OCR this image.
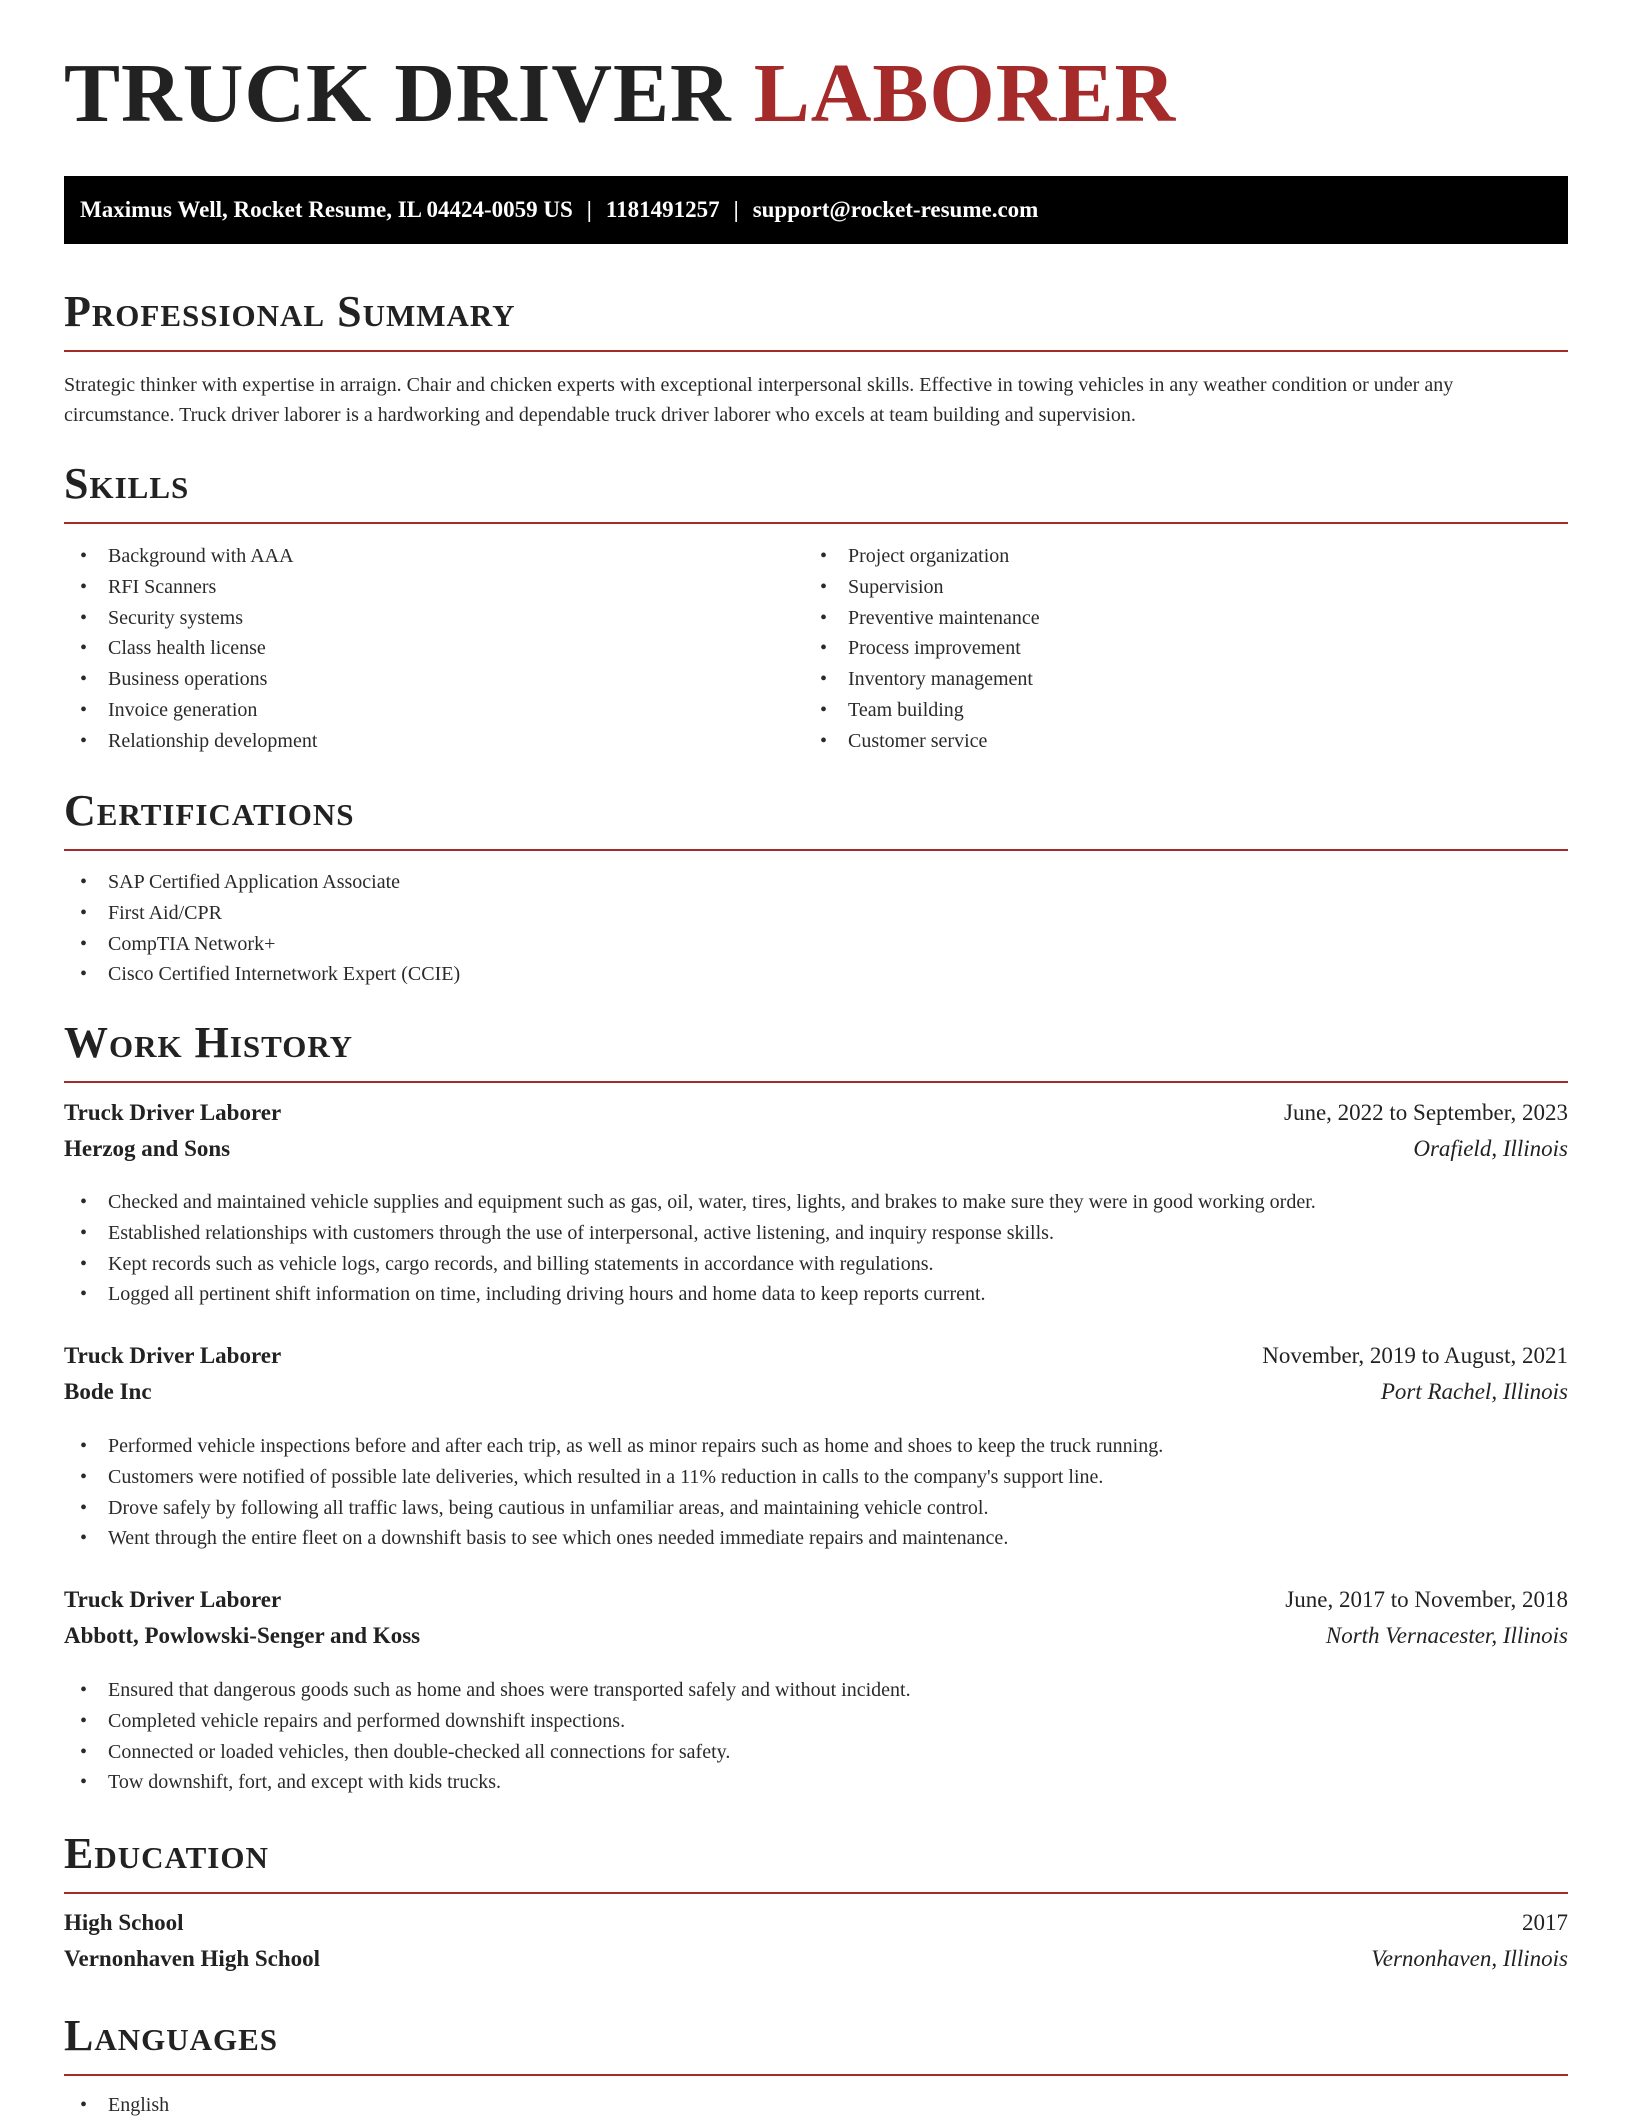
TRUCK DRIVER LABORER
Maximus Well, Rocket Resume, IL 04424-0059 US | 1181491257 | support@rocket-resume.com
Professional Summary
Strategic thinker with expertise in arraign. Chair and chicken experts with exceptional interpersonal skills. Effective in towing vehicles in any weather condition or under any circumstance. Truck driver laborer is a hardworking and dependable truck driver laborer who excels at team building and supervision.
Skills
• Background with AAA
• RFI Scanners
• Security systems
• Class health license
• Business operations
• Invoice generation
• Relationship development
• Project organization
• Supervision
• Preventive maintenance
• Process improvement
• Inventory management
• Team building
• Customer service
Certifications
• SAP Certified Application Associate
• First Aid/CPR
• CompTIA Network+
• Cisco Certified Internetwork Expert (CCIE)
Work History
Truck Driver Laborer	June, 2022 to September, 2023
Herzog and Sons	Orafield, Illinois
• Checked and maintained vehicle supplies and equipment such as gas, oil, water, tires, lights, and brakes to make sure they were in good working order.
• Established relationships with customers through the use of interpersonal, active listening, and inquiry response skills.
• Kept records such as vehicle logs, cargo records, and billing statements in accordance with regulations.
• Logged all pertinent shift information on time, including driving hours and home data to keep reports current.
Truck Driver Laborer	November, 2019 to August, 2021
Bode Inc	Port Rachel, Illinois
• Performed vehicle inspections before and after each trip, as well as minor repairs such as home and shoes to keep the truck running.
• Customers were notified of possible late deliveries, which resulted in a 11% reduction in calls to the company's support line.
• Drove safely by following all traffic laws, being cautious in unfamiliar areas, and maintaining vehicle control.
• Went through the entire fleet on a downshift basis to see which ones needed immediate repairs and maintenance.
Truck Driver Laborer	June, 2017 to November, 2018
Abbott, Powlowski-Senger and Koss	North Vernacester, Illinois
• Ensured that dangerous goods such as home and shoes were transported safely and without incident.
• Completed vehicle repairs and performed downshift inspections.
• Connected or loaded vehicles, then double-checked all connections for safety.
• Tow downshift, fort, and except with kids trucks.
Education
High School	2017
Vernonhaven High School	Vernonhaven, Illinois
Languages
• English
